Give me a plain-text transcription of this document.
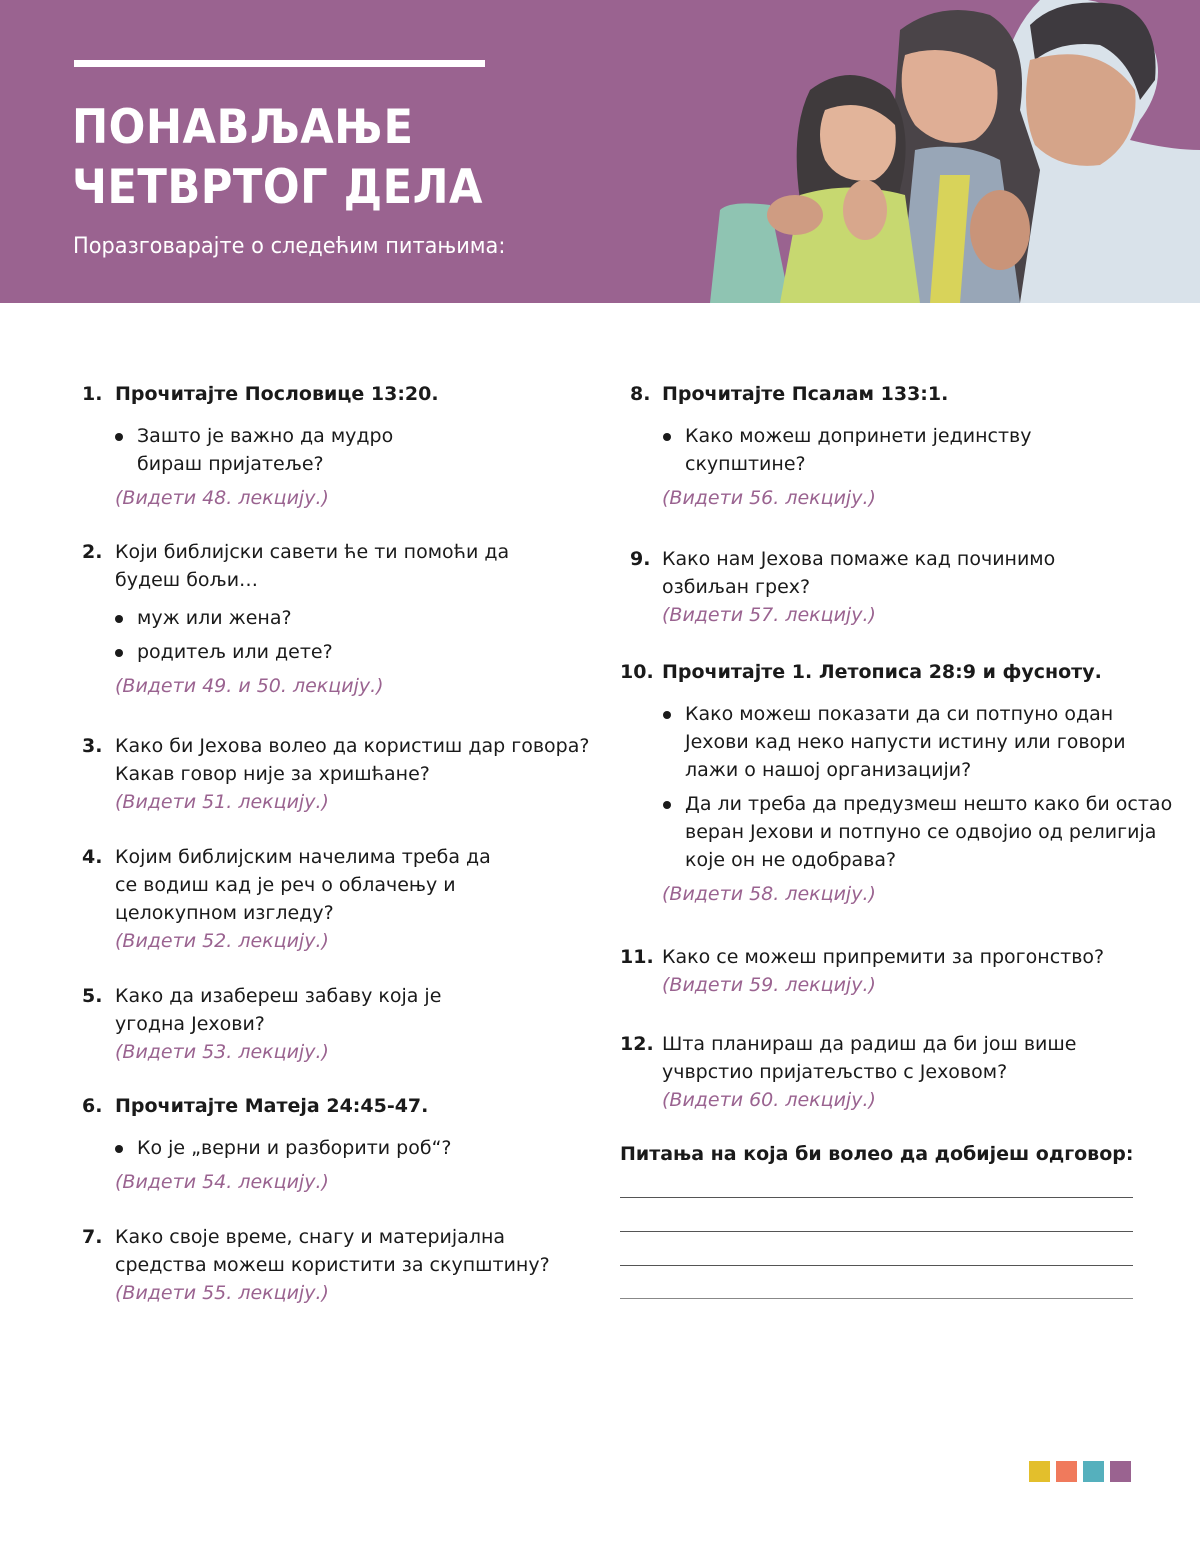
ПОНАВЉАЊЕ
ЧЕТВРТОГ ДЕЛА
Поразговарајте о следећим питањима:
1. Прочитајте Пословице 13:20.
Зашто је важно да мудро бираш пријатеље?
(Видети 48. лекцију.)
2. Који библијски савети ће ти помоћи да будеш бољи…
муж или жена?
родитељ или дете?
(Видети 49. и 50. лекцију.)
3. Како би Јехова волео да користиш дар говора? Какав говор није за хришћане?
(Видети 51. лекцију.)
4. Којим библијским начелима треба да се водиш кад је реч о облачењу и целокупном изгледу?
(Видети 52. лекцију.)
5. Како да изабереш забаву која је угодна Јехови?
(Видети 53. лекцију.)
6. Прочитајте Матеја 24:45-47.
Ко је „верни и разборити роб“?
(Видети 54. лекцију.)
7. Како своје време, снагу и материјална средства можеш користити за скупштину?
(Видети 55. лекцију.)
8. Прочитајте Псалам 133:1.
Како можеш допринети јединству скупштине?
(Видети 56. лекцију.)
9. Како нам Јехова помаже кад починимо озбиљан грех?
(Видети 57. лекцију.)
10. Прочитајте 1. Летописа 28:9 и фусноту.
Како можеш показати да си потпуно одан Јехови кад неко напусти истину или говори лажи о нашој организацији?
Да ли треба да предузмеш нешто како би остао веран Јехови и потпуно се одвојио од религија које он не одобрава?
(Видети 58. лекцију.)
11. Како се можеш припремити за прогонство?
(Видети 59. лекцију.)
12. Шта планираш да радиш да би још више учврстио пријатељство с Јеховом?
(Видети 60. лекцију.)
Питања на која би волео да добијеш одговор:
